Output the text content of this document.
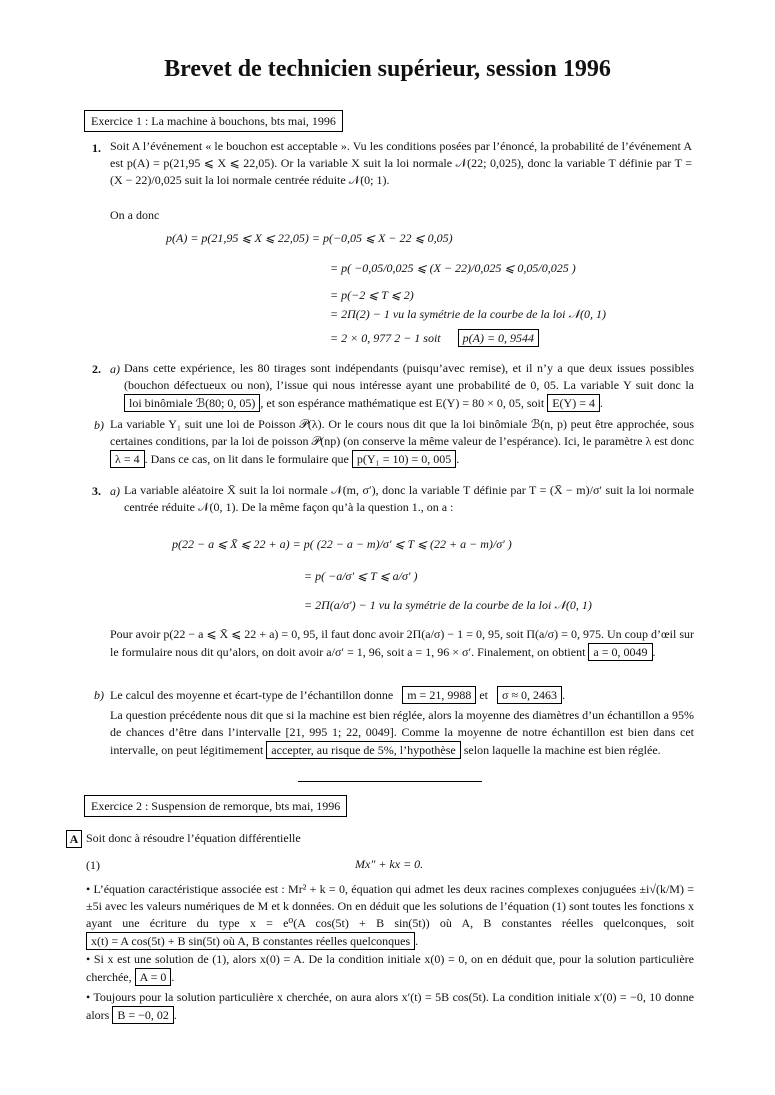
Brevet de technicien supérieur, session 1996
Exercice 1 : La machine à bouchons, bts mai, 1996
1. Soit A l’événement « le bouchon est acceptable ». Vu les conditions posées par l’énoncé, la probabilité de l’événement A est p(A) = p(21,95 ⩽ X ⩽ 22,05). Or la variable X suit la loi normale 𝒩(22; 0,025), donc la variable T définie par T = (X − 22)/0,025 suit la loi normale centrée réduite 𝒩(0; 1).
On a donc
p(A) = p(21,95 ⩽ X ⩽ 22,05) = p(−0,05 ⩽ X − 22 ⩽ 0,05)
= p( −0,05/0,025 ⩽ (X − 22)/0,025 ⩽ 0,05/0,025 )
= p(−2 ⩽ T ⩽ 2)
= 2Π(2) − 1 vu la symétrie de la courbe de la loi 𝒩(0, 1)
= 2 × 0, 977 2 − 1 soit p(A) = 0, 9544
2. a) Dans cette expérience, les 80 tirages sont indépendants (puisqu’avec remise), et il n’y a que deux issues possibles (bouchon défectueux ou non), l’issue qui nous intéresse ayant une probabilité de 0, 05. La variable Y suit donc la loi binômiale ℬ(80; 0, 05) , et son espérance mathématique est E(Y) = 80 × 0, 05, soit E(Y) = 4 .
b) La variable Y₁ suit une loi de Poisson 𝒫(λ). Or le cours nous dit que la loi binômiale ℬ(n, p) peut être approchée, sous certaines conditions, par la loi de poisson 𝒫(np) (on conserve la même valeur de l’espérance). Ici, le paramètre λ est donc λ = 4 . Dans ce cas, on lit dans le formulaire que p(Y₁ = 10) = 0, 005 .
3. a) La variable aléatoire X̄ suit la loi normale 𝒩(m, σ′), donc la variable T définie par T = (X̄ − m)/σ′ suit la loi normale centrée réduite 𝒩(0, 1). De la même façon qu’à la question 1., on a :
p(22 − a ⩽ X̄ ⩽ 22 + a) = p( (22 − a − m)/σ′ ⩽ T ⩽ (22 + a − m)/σ′ )
= p( −a/σ′ ⩽ T ⩽ a/σ′ )
= 2Π(a/σ′) − 1 vu la symétrie de la courbe de la loi 𝒩(0, 1)
Pour avoir p(22 − a ⩽ X̄ ⩽ 22 + a) = 0, 95, il faut donc avoir 2Π(a/σ) − 1 = 0, 95, soit Π(a/σ) = 0, 975. Un coup d’œil sur le formulaire nous dit qu’alors, on doit avoir a/σ′ = 1, 96, soit a = 1, 96 × σ′. Finalement, on obtient a = 0, 0049 .
b) Le calcul des moyenne et écart-type de l’échantillon donne m = 21, 9988 et σ ≈ 0, 2463 .
La question précédente nous dit que si la machine est bien réglée, alors la moyenne des diamètres d’un échantillon a 95% de chances d’être dans l’intervalle [21, 995 1; 22, 0049]. Comme la moyenne de notre échantillon est bien dans cet intervalle, on peut légitimement accepter, au risque de 5%, l’hypothèse selon laquelle la machine est bien réglée.
Exercice 2 : Suspension de remorque, bts mai, 1996
A Soit donc à résoudre l’équation différentielle
(1)	Mx″ + kx = 0.
• L’équation caractéristique associée est : Mr² + k = 0, équation qui admet les deux racines complexes conjuguées ±i√(k/M) = ±5i avec les valeurs numériques de M et k données. On en déduit que les solutions de l’équation (1) sont toutes les fonctions x ayant une écriture du type x = e⁰(A cos(5t) + B sin(5t)) où A, B constantes réelles quelconques, soit x(t) = A cos(5t) + B sin(5t) où A, B constantes réelles quelconques .
• Si x est une solution de (1), alors x(0) = A. De la condition initiale x(0) = 0, on en déduit que, pour la solution particulière cherchée, A = 0 .
• Toujours pour la solution particulière x cherchée, on aura alors x′(t) = 5B cos(5t). La condition initiale x′(0) = −0, 10 donne alors B = −0, 02 .
